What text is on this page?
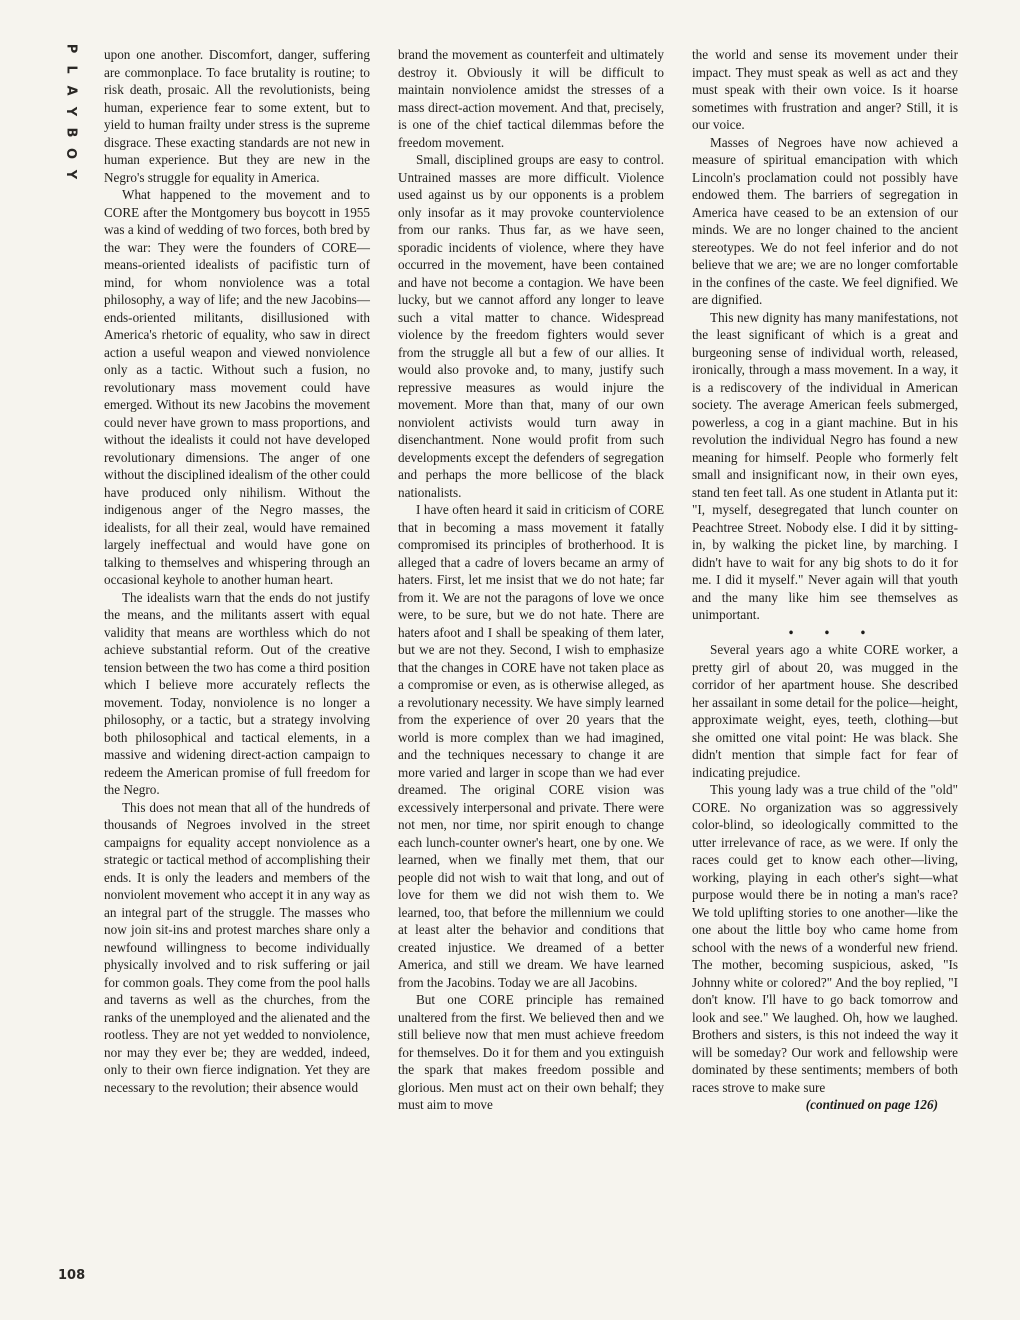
P
L
A
Y
B
O
Y

upon one another. Discomfort, danger, suffering are commonplace. To face brutality is routine; to risk death, prosaic. All the revolutionists, being human, experience fear to some extent, but to yield to human frailty under stress is the supreme disgrace. These exacting standards are not new in human experience. But they are new in the Negro's struggle for equality in America.

What happened to the movement and to CORE after the Montgomery bus boycott in 1955 was a kind of wedding of two forces, both bred by the war: They were the founders of CORE—means-oriented idealists of pacifistic turn of mind, for whom nonviolence was a total philosophy, a way of life; and the new Jacobins—ends-oriented militants, disillusioned with America's rhetoric of equality, who saw in direct action a useful weapon and viewed nonviolence only as a tactic. Without such a fusion, no revolutionary mass movement could have emerged. Without its new Jacobins the movement could never have grown to mass proportions, and without the idealists it could not have developed revolutionary dimensions. The anger of one without the disciplined idealism of the other could have produced only nihilism. Without the indigenous anger of the Negro masses, the idealists, for all their zeal, would have remained largely ineffectual and would have gone on talking to themselves and whispering through an occasional keyhole to another human heart.

The idealists warn that the ends do not justify the means, and the militants assert with equal validity that means are worthless which do not achieve substantial reform. Out of the creative tension between the two has come a third position which I believe more accurately reflects the movement. Today, nonviolence is no longer a philosophy, or a tactic, but a strategy involving both philosophical and tactical elements, in a massive and widening direct-action campaign to redeem the American promise of full freedom for the Negro.

This does not mean that all of the hundreds of thousands of Negroes involved in the street campaigns for equality accept nonviolence as a strategic or tactical method of accomplishing their ends. It is only the leaders and members of the nonviolent movement who accept it in any way as an integral part of the struggle. The masses who now join sit-ins and protest marches share only a newfound willingness to become individually physically involved and to risk suffering or jail for common goals. They come from the pool halls and taverns as well as the churches, from the ranks of the unemployed and the alienated and the rootless. They are not yet wedded to nonviolence, nor may they ever be; they are wedded, indeed, only to their own fierce indignation. Yet they are necessary to the revolution; their absence would

brand the movement as counterfeit and ultimately destroy it. Obviously it will be difficult to maintain nonviolence amidst the stresses of a mass direct-action movement. And that, precisely, is one of the chief tactical dilemmas before the freedom movement.

Small, disciplined groups are easy to control. Untrained masses are more difficult. Violence used against us by our opponents is a problem only insofar as it may provoke counterviolence from our ranks. Thus far, as we have seen, sporadic incidents of violence, where they have occurred in the movement, have been contained and have not become a contagion. We have been lucky, but we cannot afford any longer to leave such a vital matter to chance. Widespread violence by the freedom fighters would sever from the struggle all but a few of our allies. It would also provoke and, to many, justify such repressive measures as would injure the movement. More than that, many of our own nonviolent activists would turn away in disenchantment. None would profit from such developments except the defenders of segregation and perhaps the more bellicose of the black nationalists.

I have often heard it said in criticism of CORE that in becoming a mass movement it fatally compromised its principles of brotherhood. It is alleged that a cadre of lovers became an army of haters. First, let me insist that we do not hate; far from it. We are not the paragons of love we once were, to be sure, but we do not hate. There are haters afoot and I shall be speaking of them later, but we are not they. Second, I wish to emphasize that the changes in CORE have not taken place as a compromise or even, as is otherwise alleged, as a revolutionary necessity. We have simply learned from the experience of over 20 years that the world is more complex than we had imagined, and the techniques necessary to change it are more varied and larger in scope than we had ever dreamed. The original CORE vision was excessively interpersonal and private. There were not men, nor time, nor spirit enough to change each lunch-counter owner's heart, one by one. We learned, when we finally met them, that our people did not wish to wait that long, and out of love for them we did not wish them to. We learned, too, that before the millennium we could at least alter the behavior and conditions that created injustice. We dreamed of a better America, and still we dream. We have learned from the Jacobins. Today we are all Jacobins.

But one CORE principle has remained unaltered from the first. We believed then and we still believe now that men must achieve freedom for themselves. Do it for them and you extinguish the spark that makes freedom possible and glorious. Men must act on their own behalf; they must aim to move

the world and sense its movement under their impact. They must speak as well as act and they must speak with their own voice. Is it hoarse sometimes with frustration and anger? Still, it is our voice.

Masses of Negroes have now achieved a measure of spiritual emancipation with which Lincoln's proclamation could not possibly have endowed them. The barriers of segregation in America have ceased to be an extension of our minds. We are no longer chained to the ancient stereotypes. We do not feel inferior and do not believe that we are; we are no longer comfortable in the confines of the caste. We feel dignified. We are dignified.

This new dignity has many manifestations, not the least significant of which is a great and burgeoning sense of individual worth, released, ironically, through a mass movement. In a way, it is a rediscovery of the individual in American society. The average American feels submerged, powerless, a cog in a giant machine. But in his revolution the individual Negro has found a new meaning for himself. People who formerly felt small and insignificant now, in their own eyes, stand ten feet tall. As one student in Atlanta put it: "I, myself, desegregated that lunch counter on Peachtree Street. Nobody else. I did it by sitting-in, by walking the picket line, by marching. I didn't have to wait for any big shots to do it for me. I did it myself." Never again will that youth and the many like him see themselves as unimportant.

• • •

Several years ago a white CORE worker, a pretty girl of about 20, was mugged in the corridor of her apartment house. She described her assailant in some detail for the police—height, approximate weight, eyes, teeth, clothing—but she omitted one vital point: He was black. She didn't mention that simple fact for fear of indicating prejudice.

This young lady was a true child of the "old" CORE. No organization was so aggressively color-blind, so ideologically committed to the utter irrelevance of race, as we were. If only the races could get to know each other—living, working, playing in each other's sight—what purpose would there be in noting a man's race? We told uplifting stories to one another—like the one about the little boy who came home from school with the news of a wonderful new friend. The mother, becoming suspicious, asked, "Is Johnny white or colored?" And the boy replied, "I don't know. I'll have to go back tomorrow and look and see." We laughed. Oh, how we laughed. Brothers and sisters, is this not indeed the way it will be someday? Our work and fellowship were dominated by these sentiments; members of both races strove to make sure

(continued on page 126)

108
